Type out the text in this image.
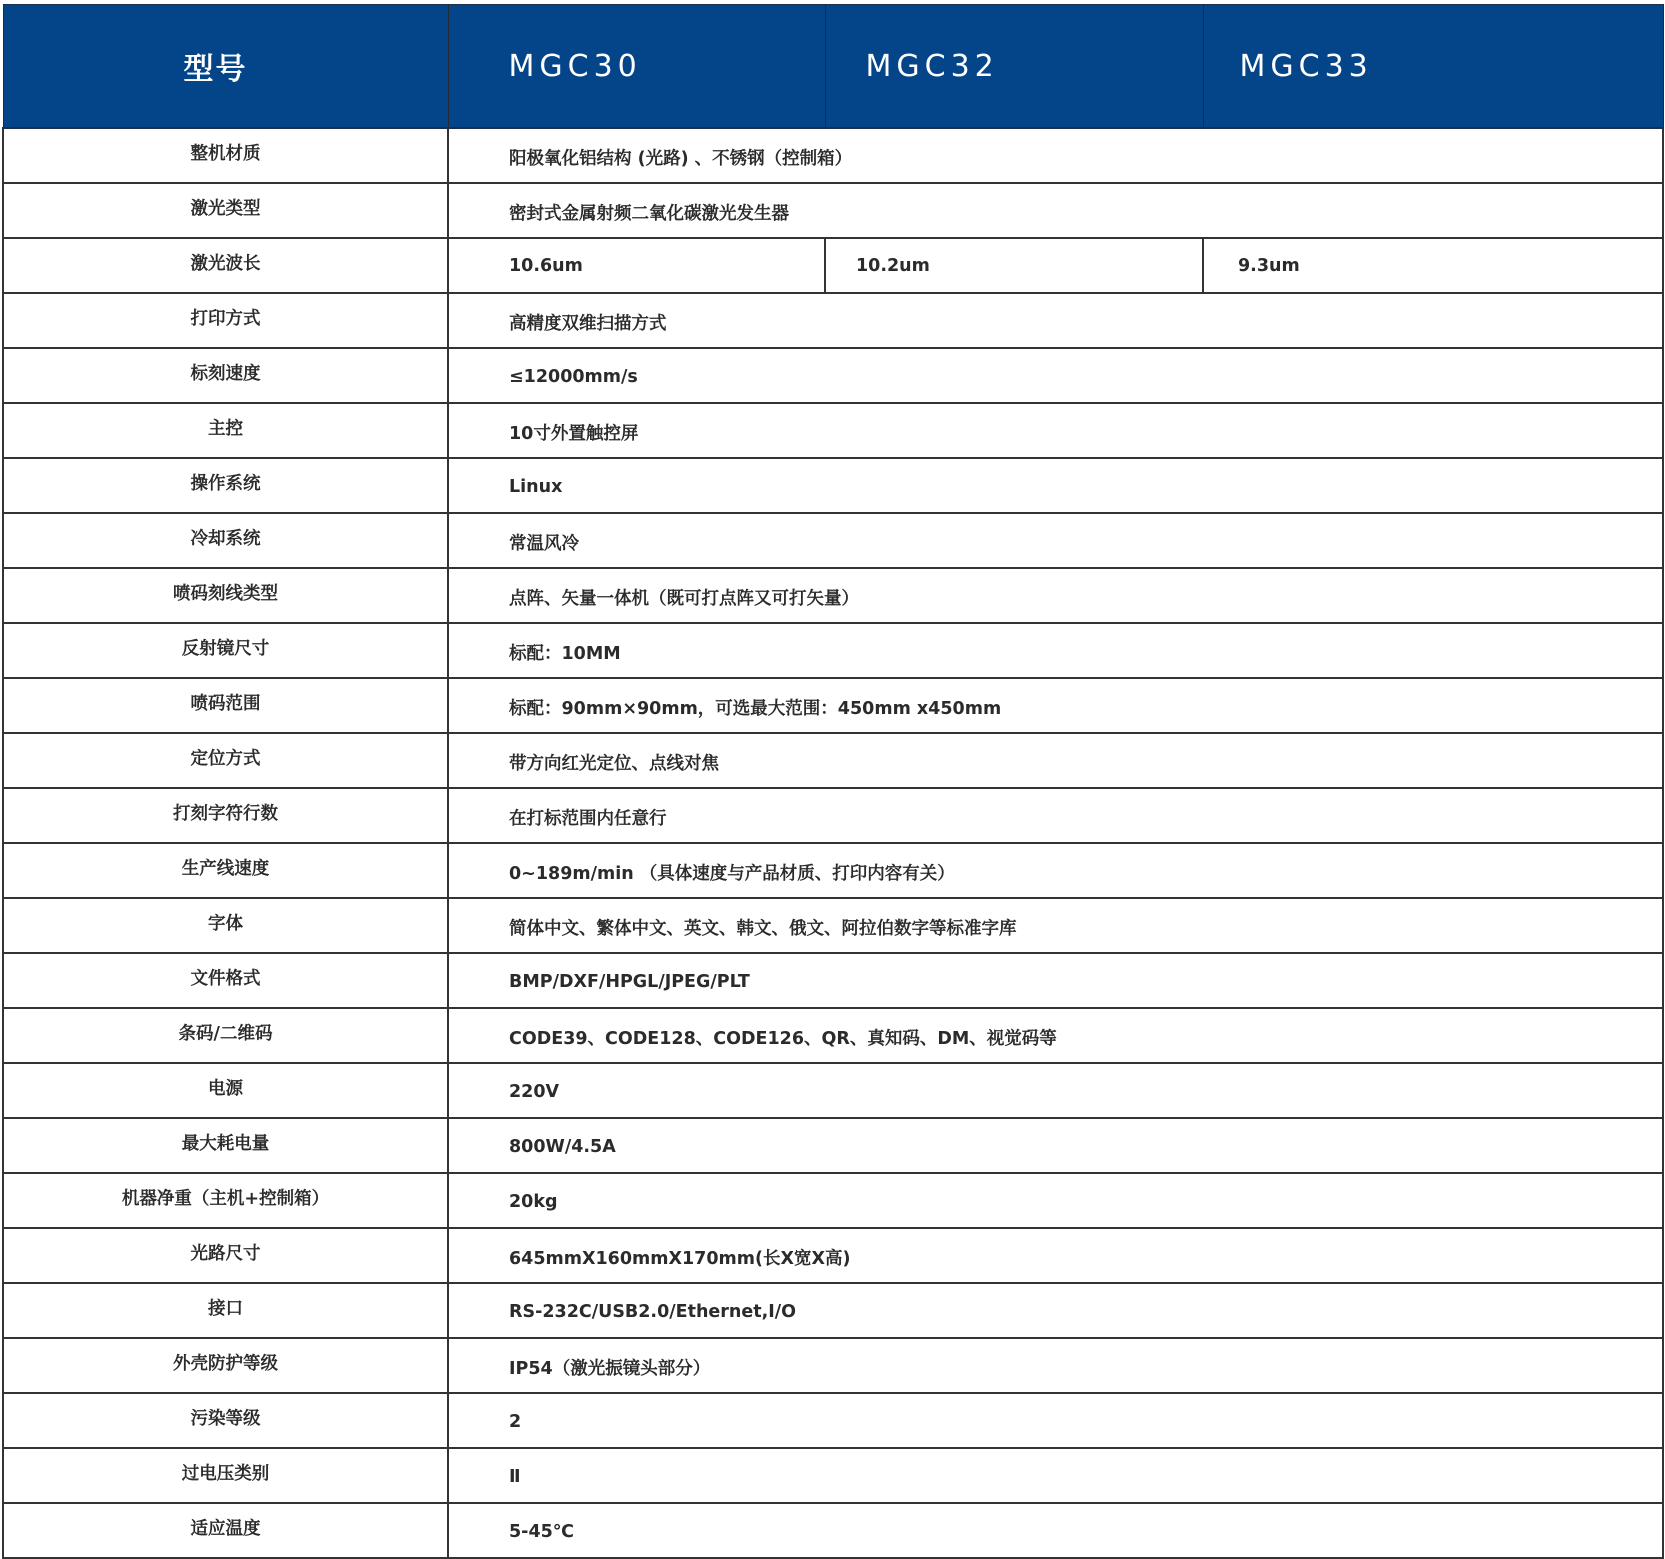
型号	MGC30	MGC32	MGC33
整机材质	阳极氧化铝结构 (光路) 、不锈钢（控制箱）		
激光类型	密封式金属射频二氧化碳激光发生器		
激光波长	10.6um	10.2um	9.3um
打印方式	高精度双维扫描方式		
标刻速度	≤12000mm/s		
主控	10寸外置触控屏		
操作系统	Linux		
冷却系统	常温风冷		
喷码刻线类型	点阵、矢量一体机（既可打点阵又可打矢量）		
反射镜尺寸	标配：10MM		
喷码范围	标配：90mm×90mm，可选最大范围：450mm x450mm		
定位方式	带方向红光定位、点线对焦		
打刻字符行数	在打标范围内任意行		
生产线速度	0~189m/min （具体速度与产品材质、打印内容有关）		
字体	简体中文、繁体中文、英文、韩文、俄文、阿拉伯数字等标准字库		
文件格式	BMP/DXF/HPGL/JPEG/PLT		
条码/二维码	CODE39、CODE128、CODE126、QR、真知码、DM、视觉码等		
电源	220V		
最大耗电量	800W/4.5A		
机器净重（主机+控制箱）	20kg		
光路尺寸	645mmX160mmX170mm(长X宽X高)		
接口	RS-232C/USB2.0/Ethernet,I/O		
外壳防护等级	IP54（激光振镜头部分）		
污染等级	2		
过电压类别	Ⅱ		
适应温度	5-45℃		
